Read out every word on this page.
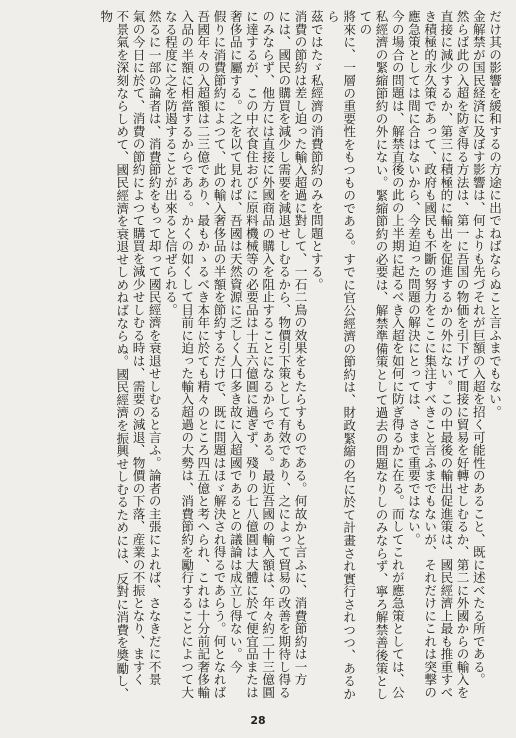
だけ其の影響を緩和するの方途に出でねばならぬこと言ふまでもない。

金解禁が国民経済に及ぼす影響は、何よりも先づそれが巨額の入超を招く可能性のあること、既に述べたる所である。

然らば此の入超を防ぎ得る方法は、第一に吾国の物価を引下げて間接に貿易を好轉せしむるか、第二に外國からの輸入を

直接に減少するか、第三に積極的に輸出を促進するかの外にない。この中最後の輸出促進策は、國民經濟上最も推重すべ

き積極的永久策であって、政府も國民も不斷の努力をここに集注すべきこと言ふまでもないが、それだけにこれは突撃の

應急策としては間に合はないから、今差迫った問題の解決にとっては、さまで重要ではない。

今の場合の問題は、解禁直後の此の上半期に起るべき入超を如何に防ぎ得るかに在る。而してこれが應急策としては、公

私經濟の緊縮節約の外にない。緊縮節約の必要は、解禁準備策として過去の問題なりしのみならず、寧ろ解禁善後策としての

將來に、一層の重要性をもつものである。すでに官公經濟の節約は、財政緊縮の名に於て計畫され實行されつつ、あるから

茲ではたゞ私經濟の消費節約のみを問題とする。

消費の節約は差し迫った輸入超過に對して、一石二鳥の效果をもたらすものである。何故かと言ふに、消費節約は一方

には、國民の購買を減少し需要を減退せしむるから、物價引下策として有效であり、之によって貿易の改善を期待し得る

のみならず、他方には直接に外國商品の購入を阻止することになるからである。最近吾國の輸入額は、年々約二十三億圓

に達するが、この中衣食住おびに原料機械等の必要品は十五六億圓に過ぎず、殘りの七八億圓は大體に於て便宜品または

奢侈品に屬する。之を以て見れば、吾國は天然資源に乏しく人口多き故に入超國であるとの議論は成立し得ない。今

假りに消費節約によつて、此の輸入奢侈品の半額を節約するだけで、既に問題はほゞ解決され得るであらう。何となれば

吾國年々の入超額は二三億であり、最もかゝるべき本年に於ても精々のところ四五億と考へられ、これは十分前記奢侈輸

入品の半額に相當するからである。かくの如くして目前に迫った輸入超過の大勢は、消費節約を勵行することによつて大

なる程度に之を防遏することが出來ると信ぜられる。

然るに一部の論者は、消費節約をもって却って國民經濟を衰退せしむると言ふ。論者の主張によれば、さなきだに不景

氣の今日に於て、消費の節約によつて購買を減少せしむる時は、需要の減退、物價の下落、産業の不振となり、ますく

不景氣を深刻ならしめて、國民經濟を衰退せしめねばならぬ。國民經濟を振興せしむるためには、反對に消費を奬勵し、物

28
